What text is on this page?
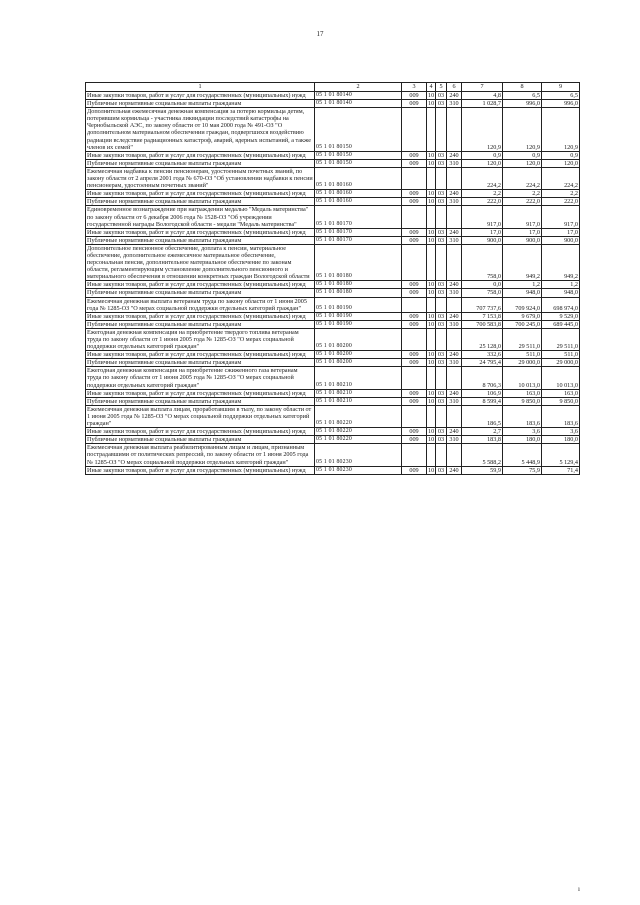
17
1	2	3	4	5	6	7	8	9
Иные закупки товаров, работ и услуг для государственных (муниципальных) нужд	05 1 01 80140	009	10	03	240	4,8	6,5	6,5
Публичные нормативные социальные выплаты гражданам	05 1 01 80140	009	10	03	310	1 028,7	996,0	996,0
Дополнительная ежемесячная денежная компенсация за потерю кормильца детям, потерявшим кормильца - участника ликвидации последствий катастрофы на Чернобыльской АЭС, по закону области от 10 мая 2000 года № 491-ОЗ "О дополнительном материальном обеспечении граждан, подвергшихся воздействию радиации вследствие радиационных катастроф, аварий, ядерных испытаний, а также членов их семей"	05 1 01 80150					120,9	120,9	120,9
Иные закупки товаров, работ и услуг для государственных (муниципальных) нужд	05 1 01 80150	009	10	03	240	0,9	0,9	0,9
Публичные нормативные социальные выплаты гражданам	05 1 01 80150	009	10	03	310	120,0	120,0	120,0
Ежемесячная надбавка к пенсии пенсионерам, удостоенным почетных званий, по закону области от 2 апреля 2001 года № 670-ОЗ "Об установлении надбавки к пенсии пенсионерам, удостоенным почетных званий"	05 1 01 80160					224,2	224,2	224,2
Иные закупки товаров, работ и услуг для государственных (муниципальных) нужд	05 1 01 80160	009	10	03	240	2,2	2,2	2,2
Публичные нормативные социальные выплаты гражданам	05 1 01 80160	009	10	03	310	222,0	222,0	222,0
Единовременное вознаграждение при награждении медалью "Медаль материнства" по закону области от 6 декабря 2006 года № 1528-ОЗ "Об учреждении государственной награды Вологодской области - медали "Медаль материнства"	05 1 01 80170					917,0	917,0	917,0
Иные закупки товаров, работ и услуг для государственных (муниципальных) нужд	05 1 01 80170	009	10	03	240	17,0	17,0	17,0
Публичные нормативные социальные выплаты гражданам	05 1 01 80170	009	10	03	310	900,0	900,0	900,0
Дополнительное пенсионное обеспечение, доплата к пенсии, материальное обеспечение, дополнительное ежемесячное материальное обеспечение, персональная пенсия, дополнительное материальное обеспечение по законам области, регламентирующим установление дополнительного пенсионного и материального обеспечения в отношении конкретных граждан Вологодской области	05 1 01 80180					758,0	949,2	949,2
Иные закупки товаров, работ и услуг для государственных (муниципальных) нужд	05 1 01 80180	009	10	03	240	0,0	1,2	1,2
Публичные нормативные социальные выплаты гражданам	05 1 01 80180	009	10	03	310	758,0	948,0	948,0
Ежемесячная денежная выплата ветеранам труда по закону области от 1 июня 2005 года № 1285-ОЗ "О мерах социальной поддержки отдельных категорий граждан"	05 1 01 80190					707 737,6	709 924,0	698 974,0
Иные закупки товаров, работ и услуг для государственных (муниципальных) нужд	05 1 01 80190	009	10	03	240	7 153,8	9 679,0	9 529,0
Публичные нормативные социальные выплаты гражданам	05 1 01 80190	009	10	03	310	700 583,8	700 245,0	689 445,0
Ежегодная денежная компенсация на приобретение твердого топлива ветеранам труда по закону области от 1 июня 2005 года № 1285-ОЗ "О мерах социальной поддержки отдельных категорий граждан"	05 1 01 80200					25 128,0	29 511,0	29 511,0
Иные закупки товаров, работ и услуг для государственных (муниципальных) нужд	05 1 01 80200	009	10	03	240	332,6	511,0	511,0
Публичные нормативные социальные выплаты гражданам	05 1 01 80200	009	10	03	310	24 795,4	29 000,0	29 000,0
Ежегодная денежная компенсация на приобретение сжиженного газа ветеранам труда по закону области от 1 июня 2005 года № 1285-ОЗ "О мерах социальной поддержки отдельных категорий граждан"	05 1 01 80210					8 706,3	10 013,0	10 013,0
Иные закупки товаров, работ и услуг для государственных (муниципальных) нужд	05 1 01 80210	009	10	03	240	106,9	163,0	163,0
Публичные нормативные социальные выплаты гражданам	05 1 01 80210	009	10	03	310	8 599,4	9 850,0	9 850,0
Ежемесячная денежная выплата лицам, проработавшим в тылу, по закону области от 1 июня 2005 года № 1285-ОЗ "О мерах социальной поддержки отдельных категорий граждан"	05 1 01 80220					186,5	183,6	183,6
Иные закупки товаров, работ и услуг для государственных (муниципальных) нужд	05 1 01 80220	009	10	03	240	2,7	3,6	3,6
Публичные нормативные социальные выплаты гражданам	05 1 01 80220	009	10	03	310	183,8	180,0	180,0
Ежемесячная денежная выплата реабилитированным лицам и лицам, признанным пострадавшими от политических репрессий, по закону области от 1 июня 2005 года № 1285-ОЗ "О мерах социальной поддержки отдельных категорий граждан"	05 1 01 80230					5 588,2	5 448,9	5 129,4
Иные закупки товаров, работ и услуг для государственных (муниципальных) нужд	05 1 01 80230	009	10	03	240	59,9	75,9	71,4
ı
